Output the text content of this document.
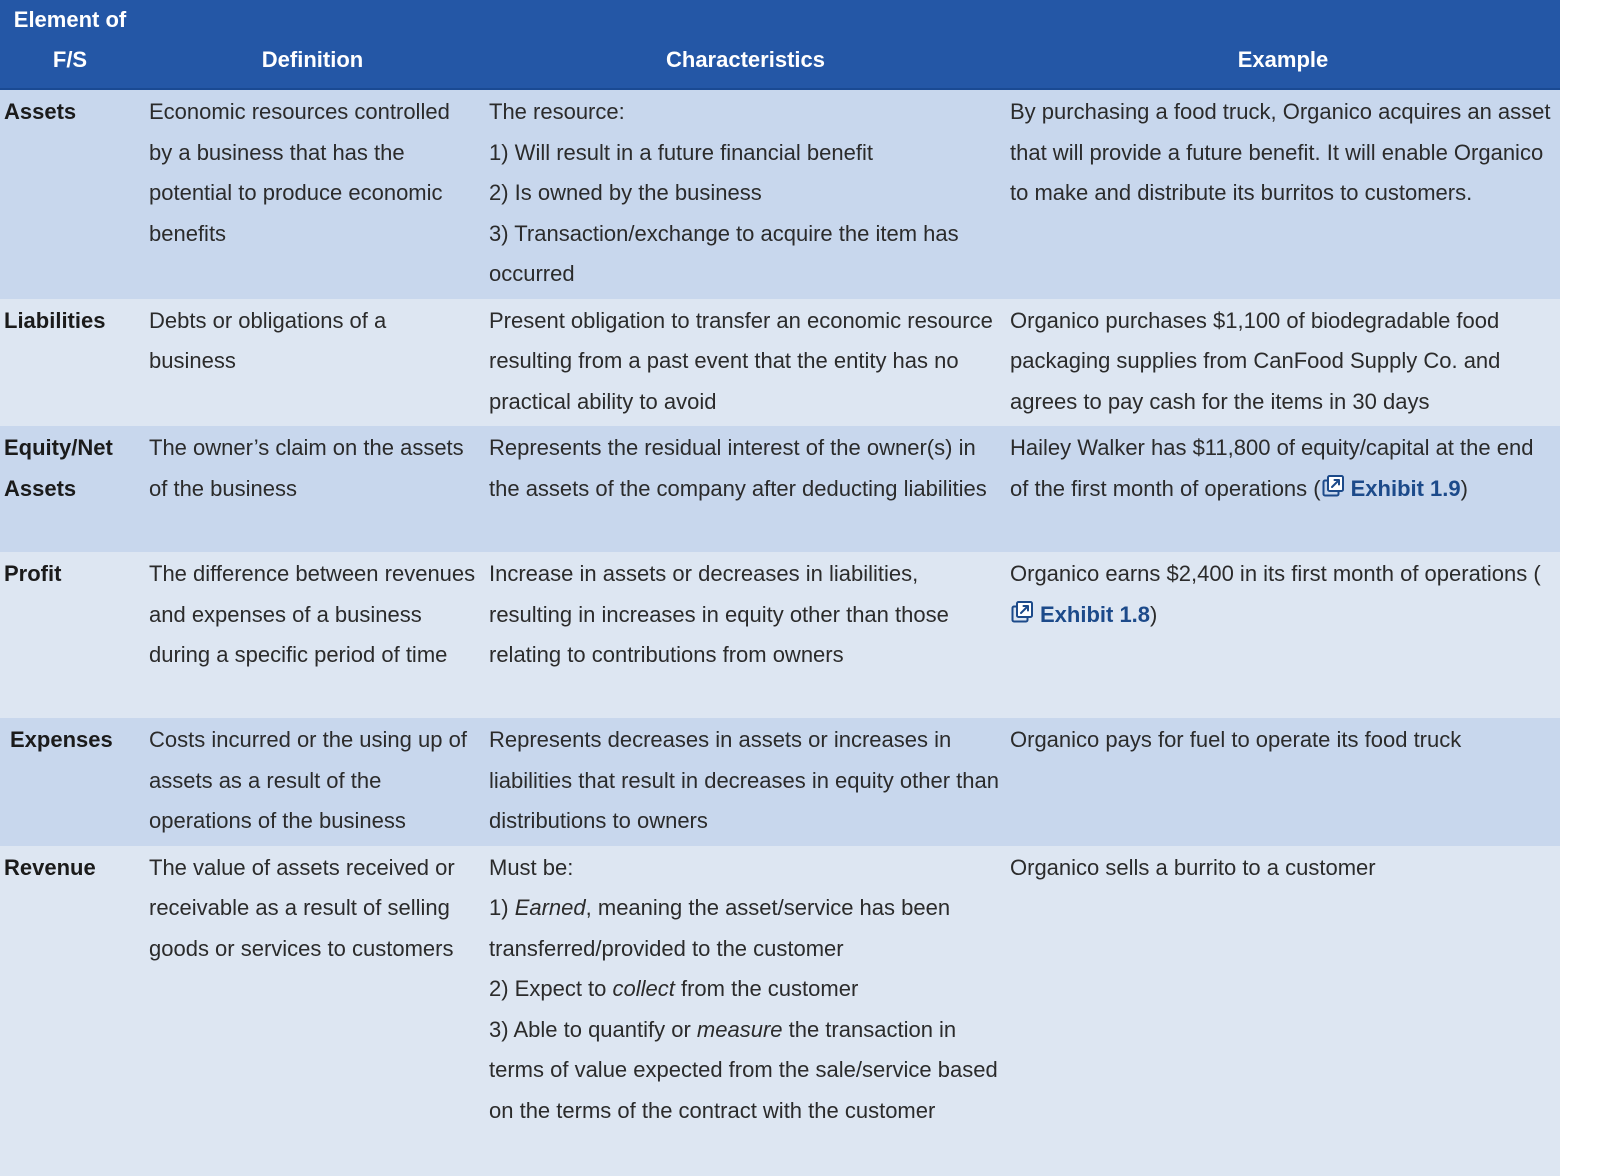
Element of F/S	Definition	Characteristics	Example
Assets	Economic resources controlled by a business that has the potential to produce economic benefits	The resource:
1) Will result in a future financial benefit
2) Is owned by the business
3) Transaction/exchange to acquire the item has occurred	By purchasing a food truck, Organico acquires an asset that will provide a future benefit. It will enable Organico to make and distribute its burritos to customers.
Liabilities	Debts or obligations of a business	Present obligation to transfer an economic resource resulting from a past event that the entity has no practical ability to avoid	Organico purchases $1,100 of biodegradable food packaging supplies from CanFood Supply Co. and agrees to pay cash for the items in 30 days
Equity/Net Assets	The owner’s claim on the assets of the business	Represents the residual interest of the owner(s) in the assets of the company after deducting liabilities	Hailey Walker has $11,800 of equity/capital at the end of the first month of operations ( Exhibit 1.9)
Profit	The difference between revenues and expenses of a business during a specific period of time	Increase in assets or decreases in liabilities, resulting in increases in equity other than those relating to contributions from owners	Organico earns $2,400 in its first month of operations (Exhibit 1.8)
Expenses	Costs incurred or the using up of assets as a result of the operations of the business	Represents decreases in assets or increases in liabilities that result in decreases in equity other than distributions to owners	Organico pays for fuel to operate its food truck
Revenue	The value of assets received or receivable as a result of selling goods or services to customers	Must be:
1) Earned, meaning the asset/service has been transferred/provided to the customer
2) Expect to collect from the customer
3) Able to quantify or measure the transaction in terms of value expected from the sale/service based on the terms of the contract with the customer	Organico sells a burrito to a customer
